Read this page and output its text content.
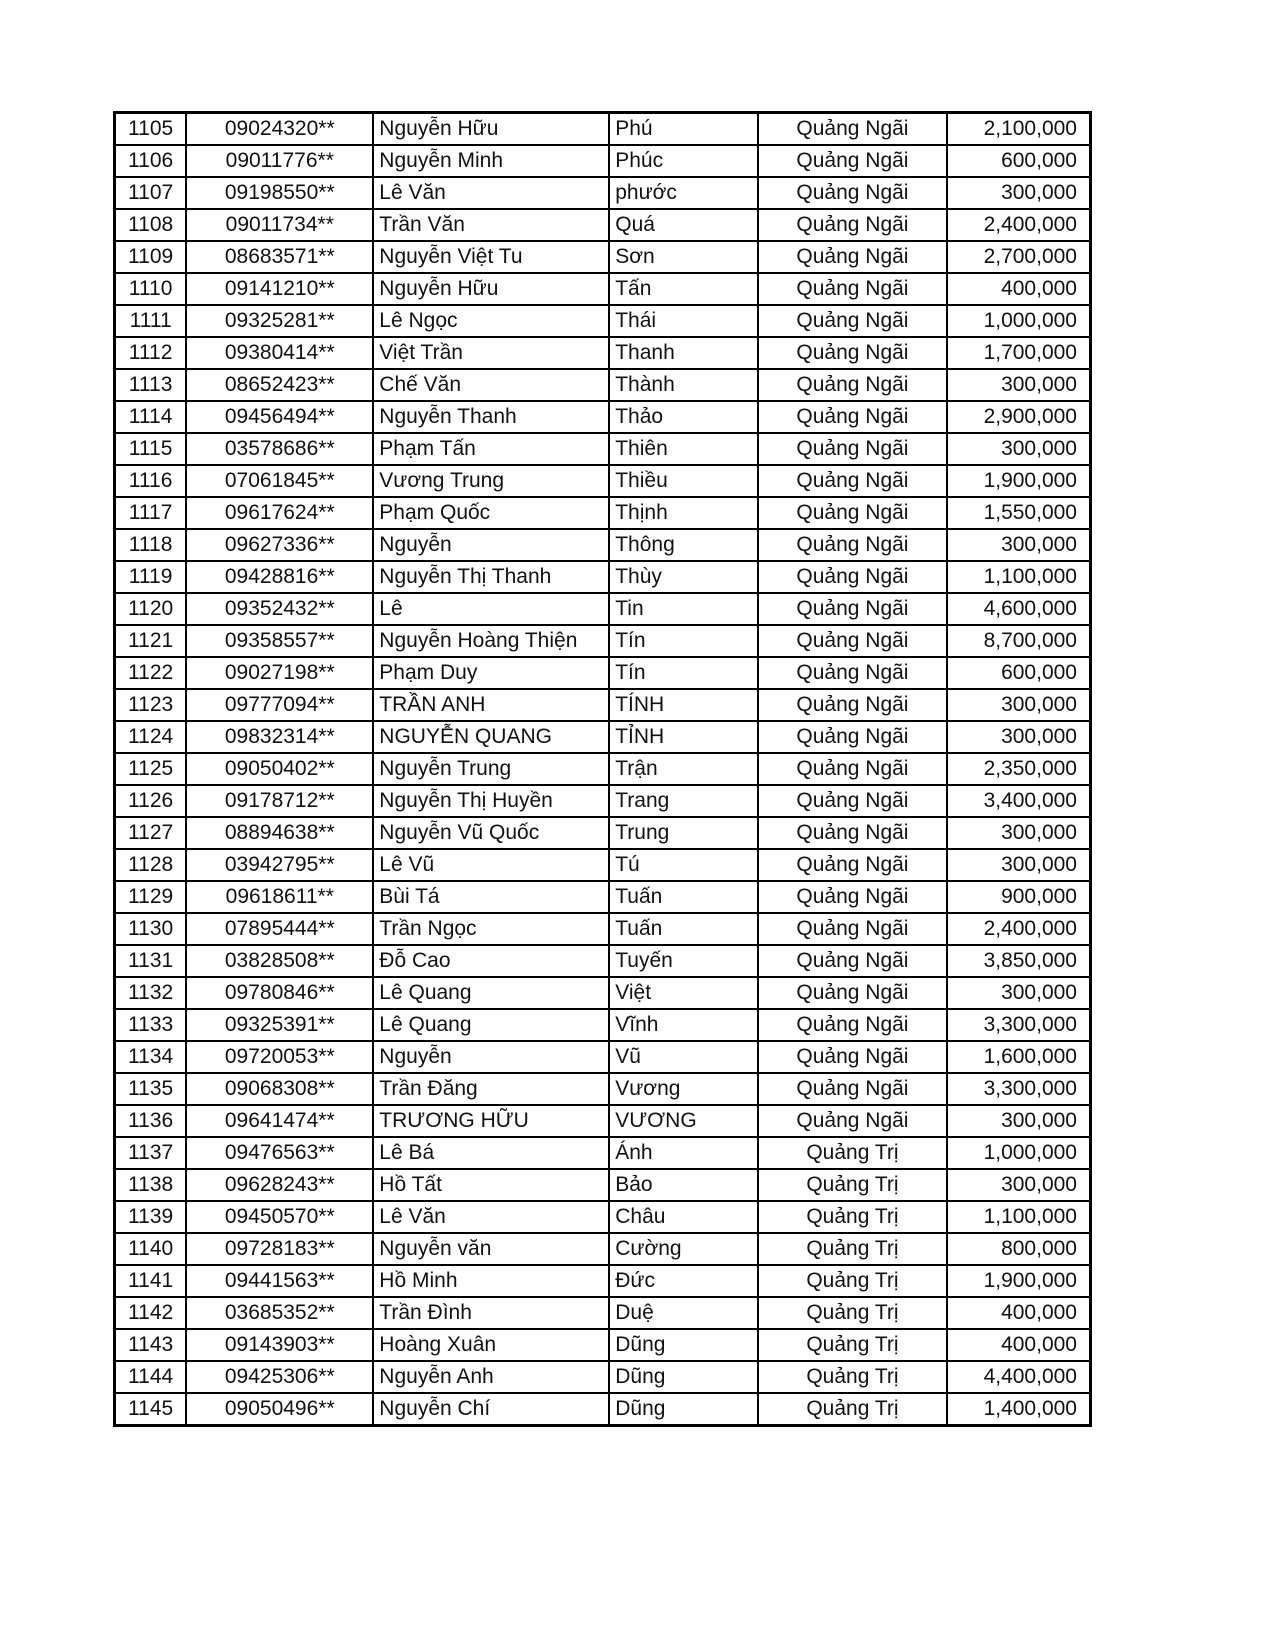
1105	09024320**	Nguyễn Hữu	Phú	Quảng Ngãi	2,100,000
1106	09011776**	Nguyễn Minh	Phúc	Quảng Ngãi	600,000
1107	09198550**	Lê Văn	phước	Quảng Ngãi	300,000
1108	09011734**	Trần Văn	Quá	Quảng Ngãi	2,400,000
1109	08683571**	Nguyễn Việt Tu	Sơn	Quảng Ngãi	2,700,000
1110	09141210**	Nguyễn Hữu	Tấn	Quảng Ngãi	400,000
1111	09325281**	Lê Ngọc	Thái	Quảng Ngãi	1,000,000
1112	09380414**	Việt Trần	Thanh	Quảng Ngãi	1,700,000
1113	08652423**	Chế Văn	Thành	Quảng Ngãi	300,000
1114	09456494**	Nguyễn Thanh	Thảo	Quảng Ngãi	2,900,000
1115	03578686**	Phạm Tấn	Thiên	Quảng Ngãi	300,000
1116	07061845**	Vương Trung	Thiều	Quảng Ngãi	1,900,000
1117	09617624**	Phạm Quốc	Thịnh	Quảng Ngãi	1,550,000
1118	09627336**	Nguyễn	Thông	Quảng Ngãi	300,000
1119	09428816**	Nguyễn Thị Thanh	Thùy	Quảng Ngãi	1,100,000
1120	09352432**	Lê	Tin	Quảng Ngãi	4,600,000
1121	09358557**	Nguyễn Hoàng Thiện	Tín	Quảng Ngãi	8,700,000
1122	09027198**	Phạm Duy	Tín	Quảng Ngãi	600,000
1123	09777094**	TRẦN ANH	TÍNH	Quảng Ngãi	300,000
1124	09832314**	NGUYỄN QUANG	TỈNH	Quảng Ngãi	300,000
1125	09050402**	Nguyễn Trung	Trận	Quảng Ngãi	2,350,000
1126	09178712**	Nguyễn Thị Huyền	Trang	Quảng Ngãi	3,400,000
1127	08894638**	Nguyễn Vũ Quốc	Trung	Quảng Ngãi	300,000
1128	03942795**	Lê Vũ	Tú	Quảng Ngãi	300,000
1129	09618611**	Bùi Tá	Tuấn	Quảng Ngãi	900,000
1130	07895444**	Trần Ngọc	Tuấn	Quảng Ngãi	2,400,000
1131	03828508**	Đỗ Cao	Tuyến	Quảng Ngãi	3,850,000
1132	09780846**	Lê Quang	Việt	Quảng Ngãi	300,000
1133	09325391**	Lê Quang	Vĩnh	Quảng Ngãi	3,300,000
1134	09720053**	Nguyễn	Vũ	Quảng Ngãi	1,600,000
1135	09068308**	Trần Đăng	Vương	Quảng Ngãi	3,300,000
1136	09641474**	TRƯƠNG HỮU	VƯƠNG	Quảng Ngãi	300,000
1137	09476563**	Lê Bá	Ánh	Quảng Trị	1,000,000
1138	09628243**	Hồ Tất	Bảo	Quảng Trị	300,000
1139	09450570**	Lê Văn	Châu	Quảng Trị	1,100,000
1140	09728183**	Nguyễn văn	Cường	Quảng Trị	800,000
1141	09441563**	Hồ Minh	Đức	Quảng Trị	1,900,000
1142	03685352**	Trần Đình	Duệ	Quảng Trị	400,000
1143	09143903**	Hoàng Xuân	Dũng	Quảng Trị	400,000
1144	09425306**	Nguyễn Anh	Dũng	Quảng Trị	4,400,000
1145	09050496**	Nguyễn Chí	Dũng	Quảng Trị	1,400,000
